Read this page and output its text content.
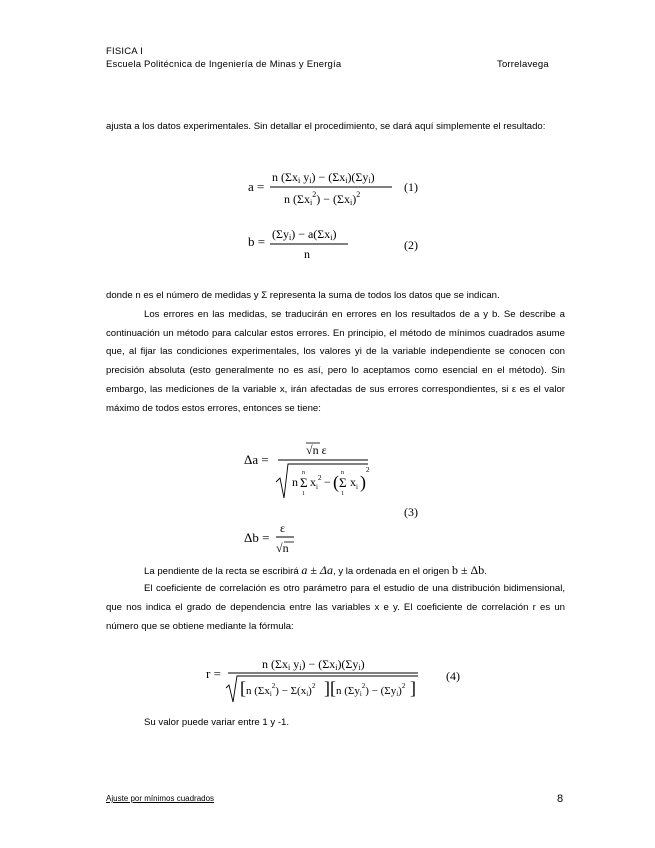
FISICA I
Escuela Politécnica de Ingeniería de Minas y Energía	Torrelavega

ajusta a los datos experimentales. Sin detallar el procedimiento, se dará aquí simplemente el resultado:

a =
n (Σxi yi) − (Σxi)(Σyi)
n $(\Sigma xi^2) - (\Sigma xi)^2$
(1)
b = (Σyi) − a(Σxi)
n
(2)

donde n es el número de medidas y Σ representa la suma de todos los datos que se indican.

Los errores en las medidas, se traducirán en errores en los resultados de a y b. Se describe a continuación un método para calcular estos errores. En principio, el método de mínimos cuadrados asume que, al fijar las condiciones experimentales, los valores yi de la variable independiente se conocen con precisión absoluta (esto generalmente no es así, pero lo aceptamos como esencial en el método). Sin embargo, las mediciones de la variable x, irán afectadas de sus errores correspondientes, si ε es el valor máximo de todos estos errores, entonces se tiene:

Δa =
√n ε
n Σ
n
1
$x_i^2$ − ( Σ
n
1
$x_i$ )
2
Δb =
ε
√n
(3)
La pendiente de la recta se escribirá a ± Δa, y la ordenada en el origen b ± Δb.

El coeficiente de correlación es otro parámetro para el estudio de una distribución bidimensional, que nos indica el grado de dependencia entre las variables x e y. El coeficiente de correlación r es un número que se obtiene mediante la fórmula:

r =
n (Σxi yi) − (Σxi)(Σyi)
[ n (Σxi$^2$) − Σ(xi)$^2$ ][ n $(\Sigma yi^2) - (\Sigma yi)^2$ ]
(4)
Su valor puede variar entre 1 y -1.
Ajuste por mínimos cuadrados	8
